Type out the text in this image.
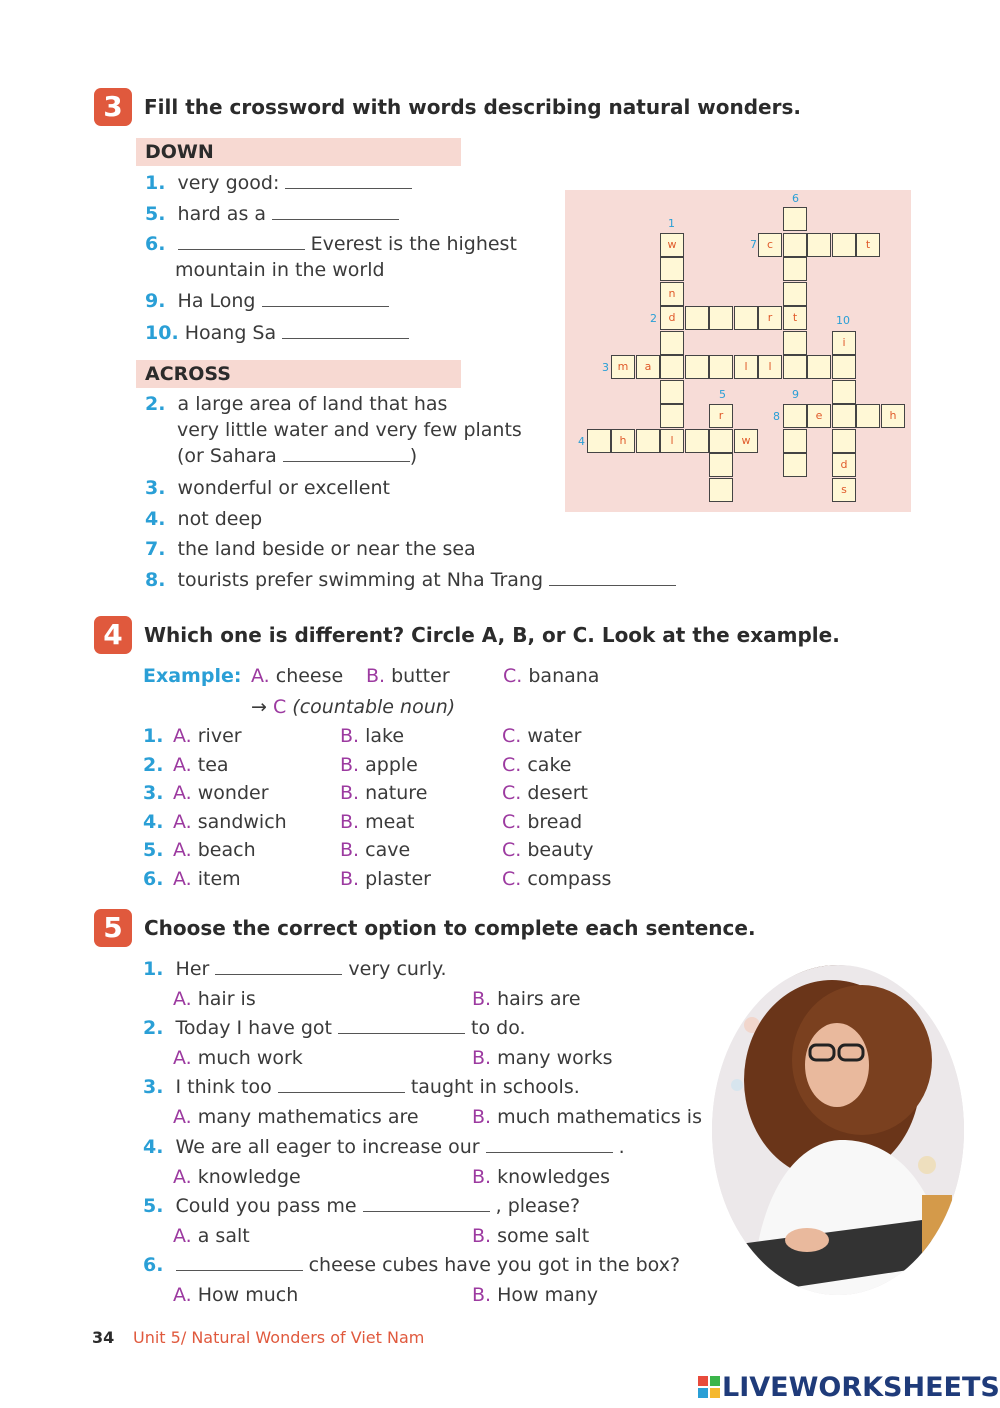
3	Fill the crossword with words describing natural wonders.
DOWN
1. very good:
5. hard as a
6.	Everest is the highest
mountain in the world
9. Ha Long
10. Hoang Sa
ACROSS
2. a large area of land that has
very little water and very few plants
(or Sahara	)
3. wonderful or excellent
4. not deep
7. the land beside or near the sea
8. tourists prefer swimming at Nha Trang
w
n
d
l
r	t
c	t
m	a	l	l
i
d
s
h	w
r	e	h
1
2
3
4
5
6
7
8
9
10
4	Which one is different? Circle A, B, or C. Look at the example.
Example: A. cheese B. butter	C. banana
→ C (countable noun)
1. A. river	B. lake	C. water
2. A. tea	B. apple	C. cake
3. A. wonder	B. nature	C. desert
4. A. sandwich	B. meat	C. bread
5. A. beach	B. cave	C. beauty
6. A. item	B. plaster	C. compass
5	Choose the correct option to complete each sentence.
1.  Her	very curly.
A. hair is	B. hairs are
2.  Today I have got	to do.
A. much work	B. many works
3.  I think too	taught in schools.
A. many mathematics are	B. much mathematics is
4.  We are all eager to increase our	.
A. knowledge	B. knowledges
5.  Could you pass me	, please?
A. a salt	B. some salt
6.	cheese cubes have you got in the box?
A. How much	B. How many
34 Unit 5/ Natural Wonders of Viet Nam
LIVEWORKSHEETS
